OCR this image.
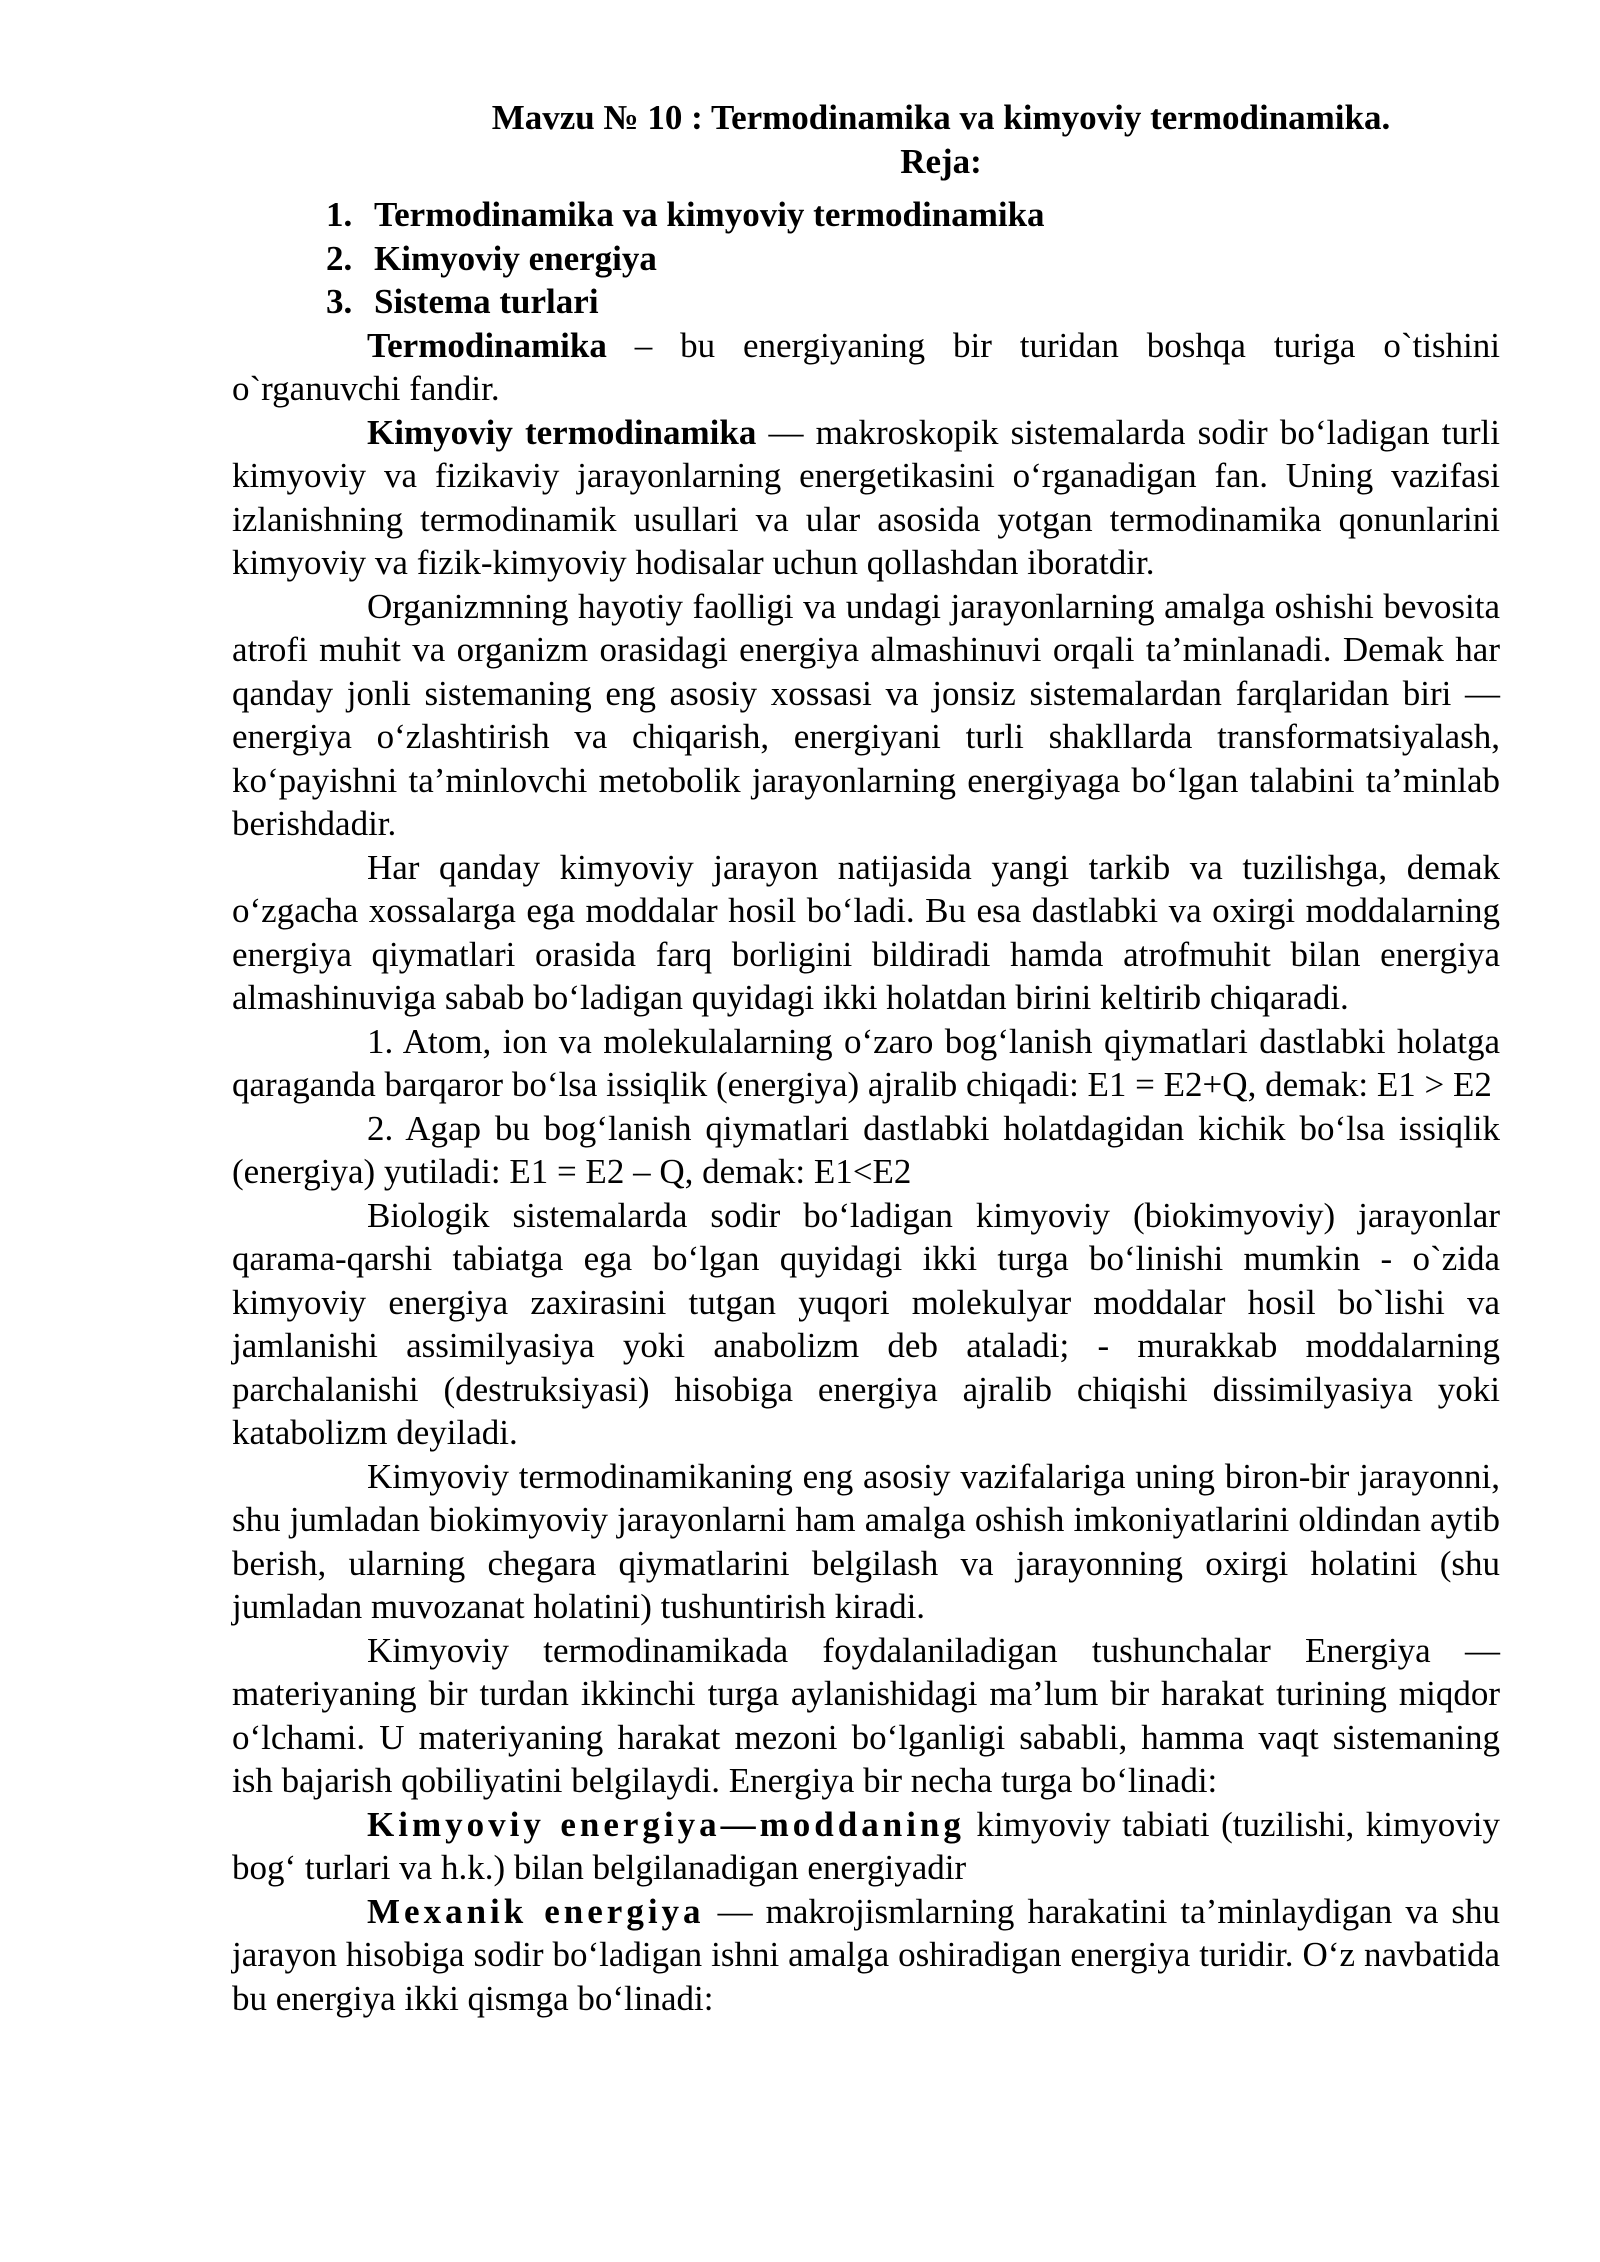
Mavzu № 10 : Termodinamika va kimyoviy termodinamika.
Reja:
1. Termodinamika va kimyoviy termodinamika
2. Kimyoviy energiya
3. Sistema turlari

Termodinamika – bu energiyaning bir turidan boshqa turiga o`tishini o`rganuvchi fandir.

Kimyoviy termodinamika — makroskopik sistemalarda sodir bo‘ladigan turli kimyoviy va fizikaviy jarayonlarning energetikasini o‘rganadigan fan. Uning vazifasi izlanishning termodinamik usullari va ular asosida yotgan termodinamika qonunlarini kimyoviy va fizik-kimyoviy hodisalar uchun qollashdan iboratdir.

Organizmning hayotiy faolligi va undagi jarayonlarning amalga oshishi bevosita atrofi muhit va organizm orasidagi energiya almashinuvi orqali ta’minlanadi. Demak har qanday jonli sistemaning eng asosiy xossasi va jonsiz sistemalardan farqlaridan biri — energiya o‘zlashtirish va chiqarish, energiyani turli shakllarda transformatsiyalash, ko‘payishni ta’minlovchi metobolik jarayonlarning energiyaga bo‘lgan talabini ta’minlab berishdadir.

Har qanday kimyoviy jarayon natijasida yangi tarkib va tuzilishga, demak o‘zgacha xossalarga ega moddalar hosil bo‘ladi. Bu esa dastlabki va oxirgi moddalarning energiya qiymatlari orasida farq borligini bildiradi hamda atrofmuhit bilan energiya almashinuviga sabab bo‘ladigan quyidagi ikki holatdan birini keltirib chiqaradi.

1. Atom, ion va molekulalarning o‘zaro bog‘lanish qiymatlari dastlabki holatga qaraganda barqaror bo‘lsa issiqlik (energiya) ajralib chiqadi: E1 = E2+Q, demak: E1 > E2

2. Agap bu bog‘lanish qiymatlari dastlabki holatdagidan kichik bo‘lsa issiqlik (energiya) yutiladi: E1 = E2 – Q, demak: E1<E2

Biologik sistemalarda sodir bo‘ladigan kimyoviy (biokimyoviy) jarayonlar qarama-qarshi tabiatga ega bo‘lgan quyidagi ikki turga bo‘linishi mumkin - o`zida kimyoviy energiya zaxirasini tutgan yuqori molekulyar moddalar hosil bo`lishi va jamlanishi assimilyasiya yoki anabolizm deb ataladi; - murakkab moddalarning parchalanishi (destruksiyasi) hisobiga energiya ajralib chiqishi dissimilyasiya yoki katabolizm deyiladi.

Kimyoviy termodinamikaning eng asosiy vazifalariga uning biron-bir jarayonni, shu jumladan biokimyoviy jarayonlarni ham amalga oshish imkoniyatlarini oldindan aytib berish, ularning chegara qiymatlarini belgilash va jarayonning oxirgi holatini (shu jumladan muvozanat holatini) tushuntirish kiradi.

Kimyoviy termodinamikada foydalaniladigan tushunchalar Energiya — materiyaning bir turdan ikkinchi turga aylanishidagi ma’lum bir harakat turining miqdor o‘lchami. U materiyaning harakat mezoni bo‘lganligi sababli, hamma vaqt sistemaning ish bajarish qobiliyatini belgilaydi. Energiya bir necha turga bo‘linadi:

Kimyoviy energiya—moddaning kimyoviy tabiati (tuzilishi, kimyoviy bog‘ turlari va h.k.) bilan belgilanadigan energiyadir

Mexanik energiya — makrojismlarning harakatini ta’minlaydigan va shu jarayon hisobiga sodir bo‘ladigan ishni amalga oshiradigan energiya turidir. O‘z navbatida bu energiya ikki qismga bo‘linadi:
